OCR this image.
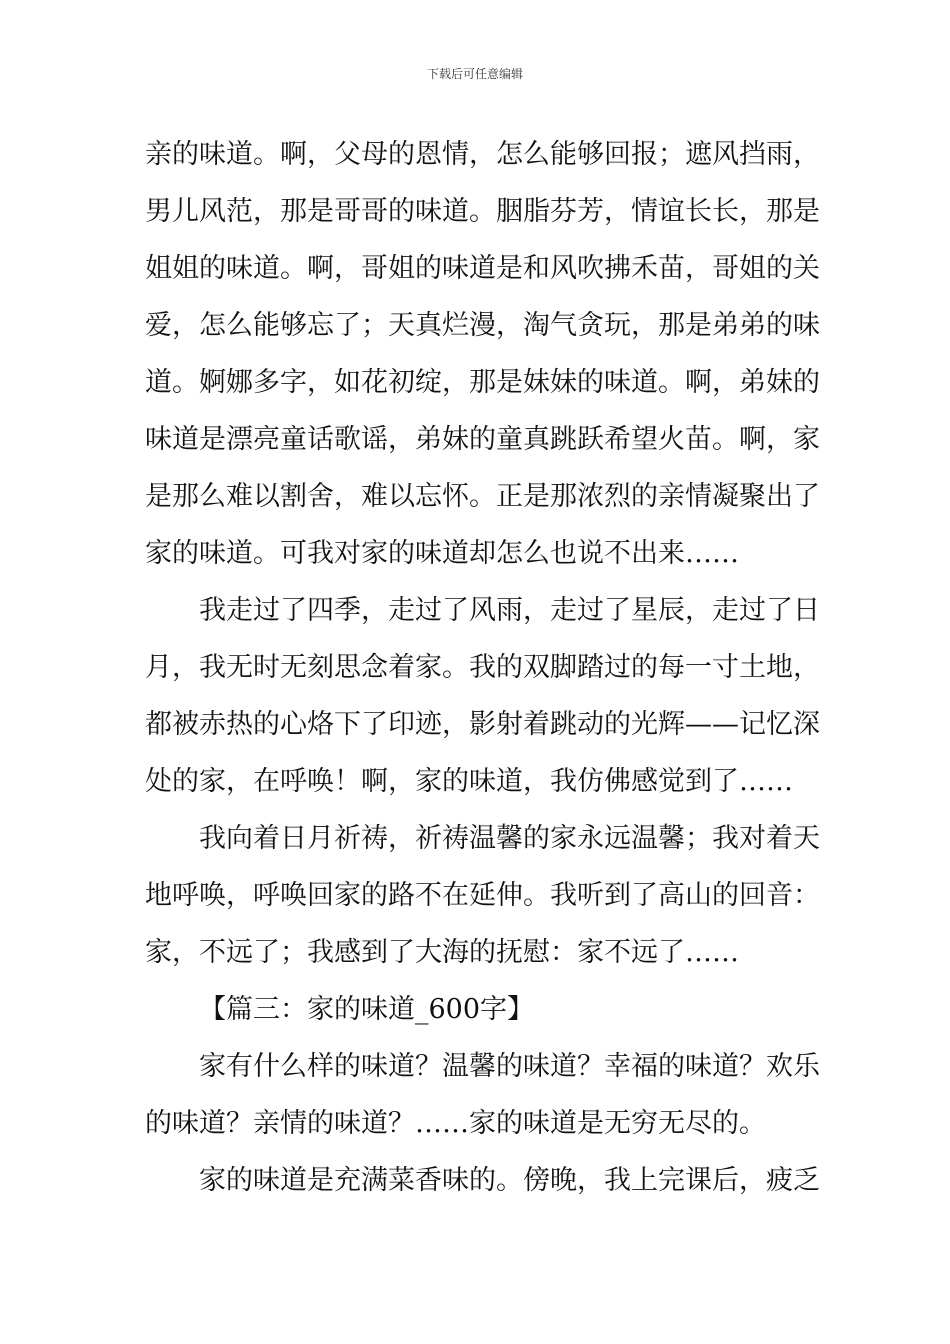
下载后可任意编辑
亲的味道。啊，父母的恩情，怎么能够回报；遮风挡雨，
男儿风范，那是哥哥的味道。胭脂芬芳，情谊长长，那是
姐姐的味道。啊，哥姐的味道是和风吹拂禾苗，哥姐的关
爱，怎么能够忘了；天真烂漫，淘气贪玩，那是弟弟的味
道。婀娜多字，如花初绽，那是妹妹的味道。啊，弟妹的
味道是漂亮童话歌谣，弟妹的童真跳跃希望火苗。啊，家
是那么难以割舍，难以忘怀。正是那浓烈的亲情凝聚出了
家的味道。可我对家的味道却怎么也说不出来……
我走过了四季，走过了风雨，走过了星辰，走过了日
月，我无时无刻思念着家。我的双脚踏过的每一寸土地，
都被赤热的心烙下了印迹，影射着跳动的光辉——记忆深
处的家，在呼唤！啊，家的味道，我仿佛感觉到了……
我向着日月祈祷，祈祷温馨的家永远温馨；我对着天
地呼唤，呼唤回家的路不在延伸。我听到了高山的回音：
家，不远了；我感到了大海的抚慰：家不远了……
【篇三：家的味道_600字】
家有什么样的味道？温馨的味道？幸福的味道？欢乐
的味道？亲情的味道？……家的味道是无穷无尽的。
家的味道是充满菜香味的。傍晚，我上完课后，疲乏
